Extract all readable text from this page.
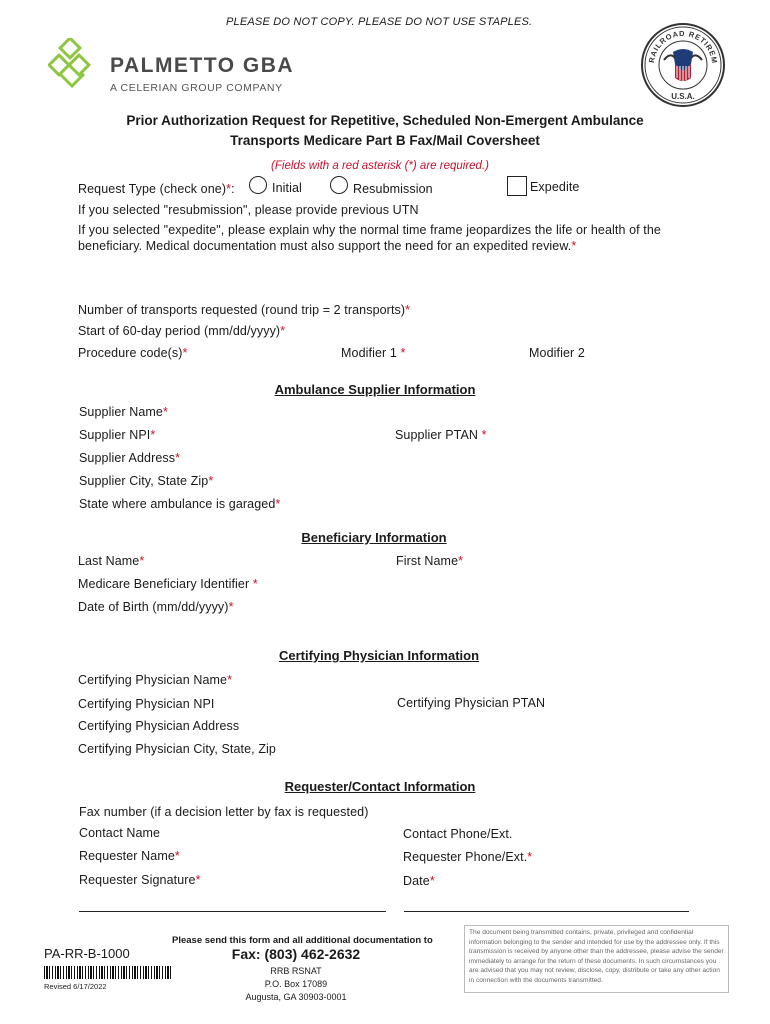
PLEASE DO NOT COPY. PLEASE DO NOT USE STAPLES.
PALMETTO GBA
A CELERIAN GROUP COMPANY
RAILROAD RETIREM
U.S.A.
Prior Authorization Request for Repetitive, Scheduled Non-Emergent Ambulance
Transports Medicare Part B Fax/Mail Coversheet
(Fields with a red asterisk (*) are required.)
Request Type (check one)*:	Initial	Resubmission	Expedite
If you selected "resubmission", please provide previous UTN
If you selected "expedite", please explain why the normal time frame jeopardizes the life or health of the
beneficiary. Medical documentation must also support the need for an expedited review.*
Number of transports requested (round trip = 2 transports)*
Start of 60-day period (mm/dd/yyyy)*
Procedure code(s)*	Modifier 1 *	Modifier 2
Ambulance Supplier Information
Supplier Name*
Supplier NPI*	Supplier PTAN *
Supplier Address*
Supplier City, State Zip*
State where ambulance is garaged*
Beneficiary Information
Last Name*	First Name*
Medicare Beneficiary Identifier *
Date of Birth (mm/dd/yyyy)*
Certifying Physician Information
Certifying Physician Name*
Certifying Physician NPI	Certifying Physician PTAN
Certifying Physician Address
Certifying Physician City, State, Zip
Requester/Contact Information
Fax number (if a decision letter by fax is requested)
Contact Name	Contact Phone/Ext.
Requester Name*	Requester Phone/Ext.*
Requester Signature*	Date*
PA-RR-B-1000
Revised 6/17/2022
Please send this form and all additional documentation to
Fax: (803) 462-2632
RRB RSNAT
P.O. Box 17089
Augusta, GA 30903-0001
The document being transmitted contains, private, privileged and confidential information belonging to the sender and intended for use by the addressee only. If this transmission is received by anyone other than the addressee, please advise the sender immediately to arrange for the return of these documents. In such circumstances you are advised that you may not review, disclose, copy, distribute or take any other action in connection with the documents transmitted.
